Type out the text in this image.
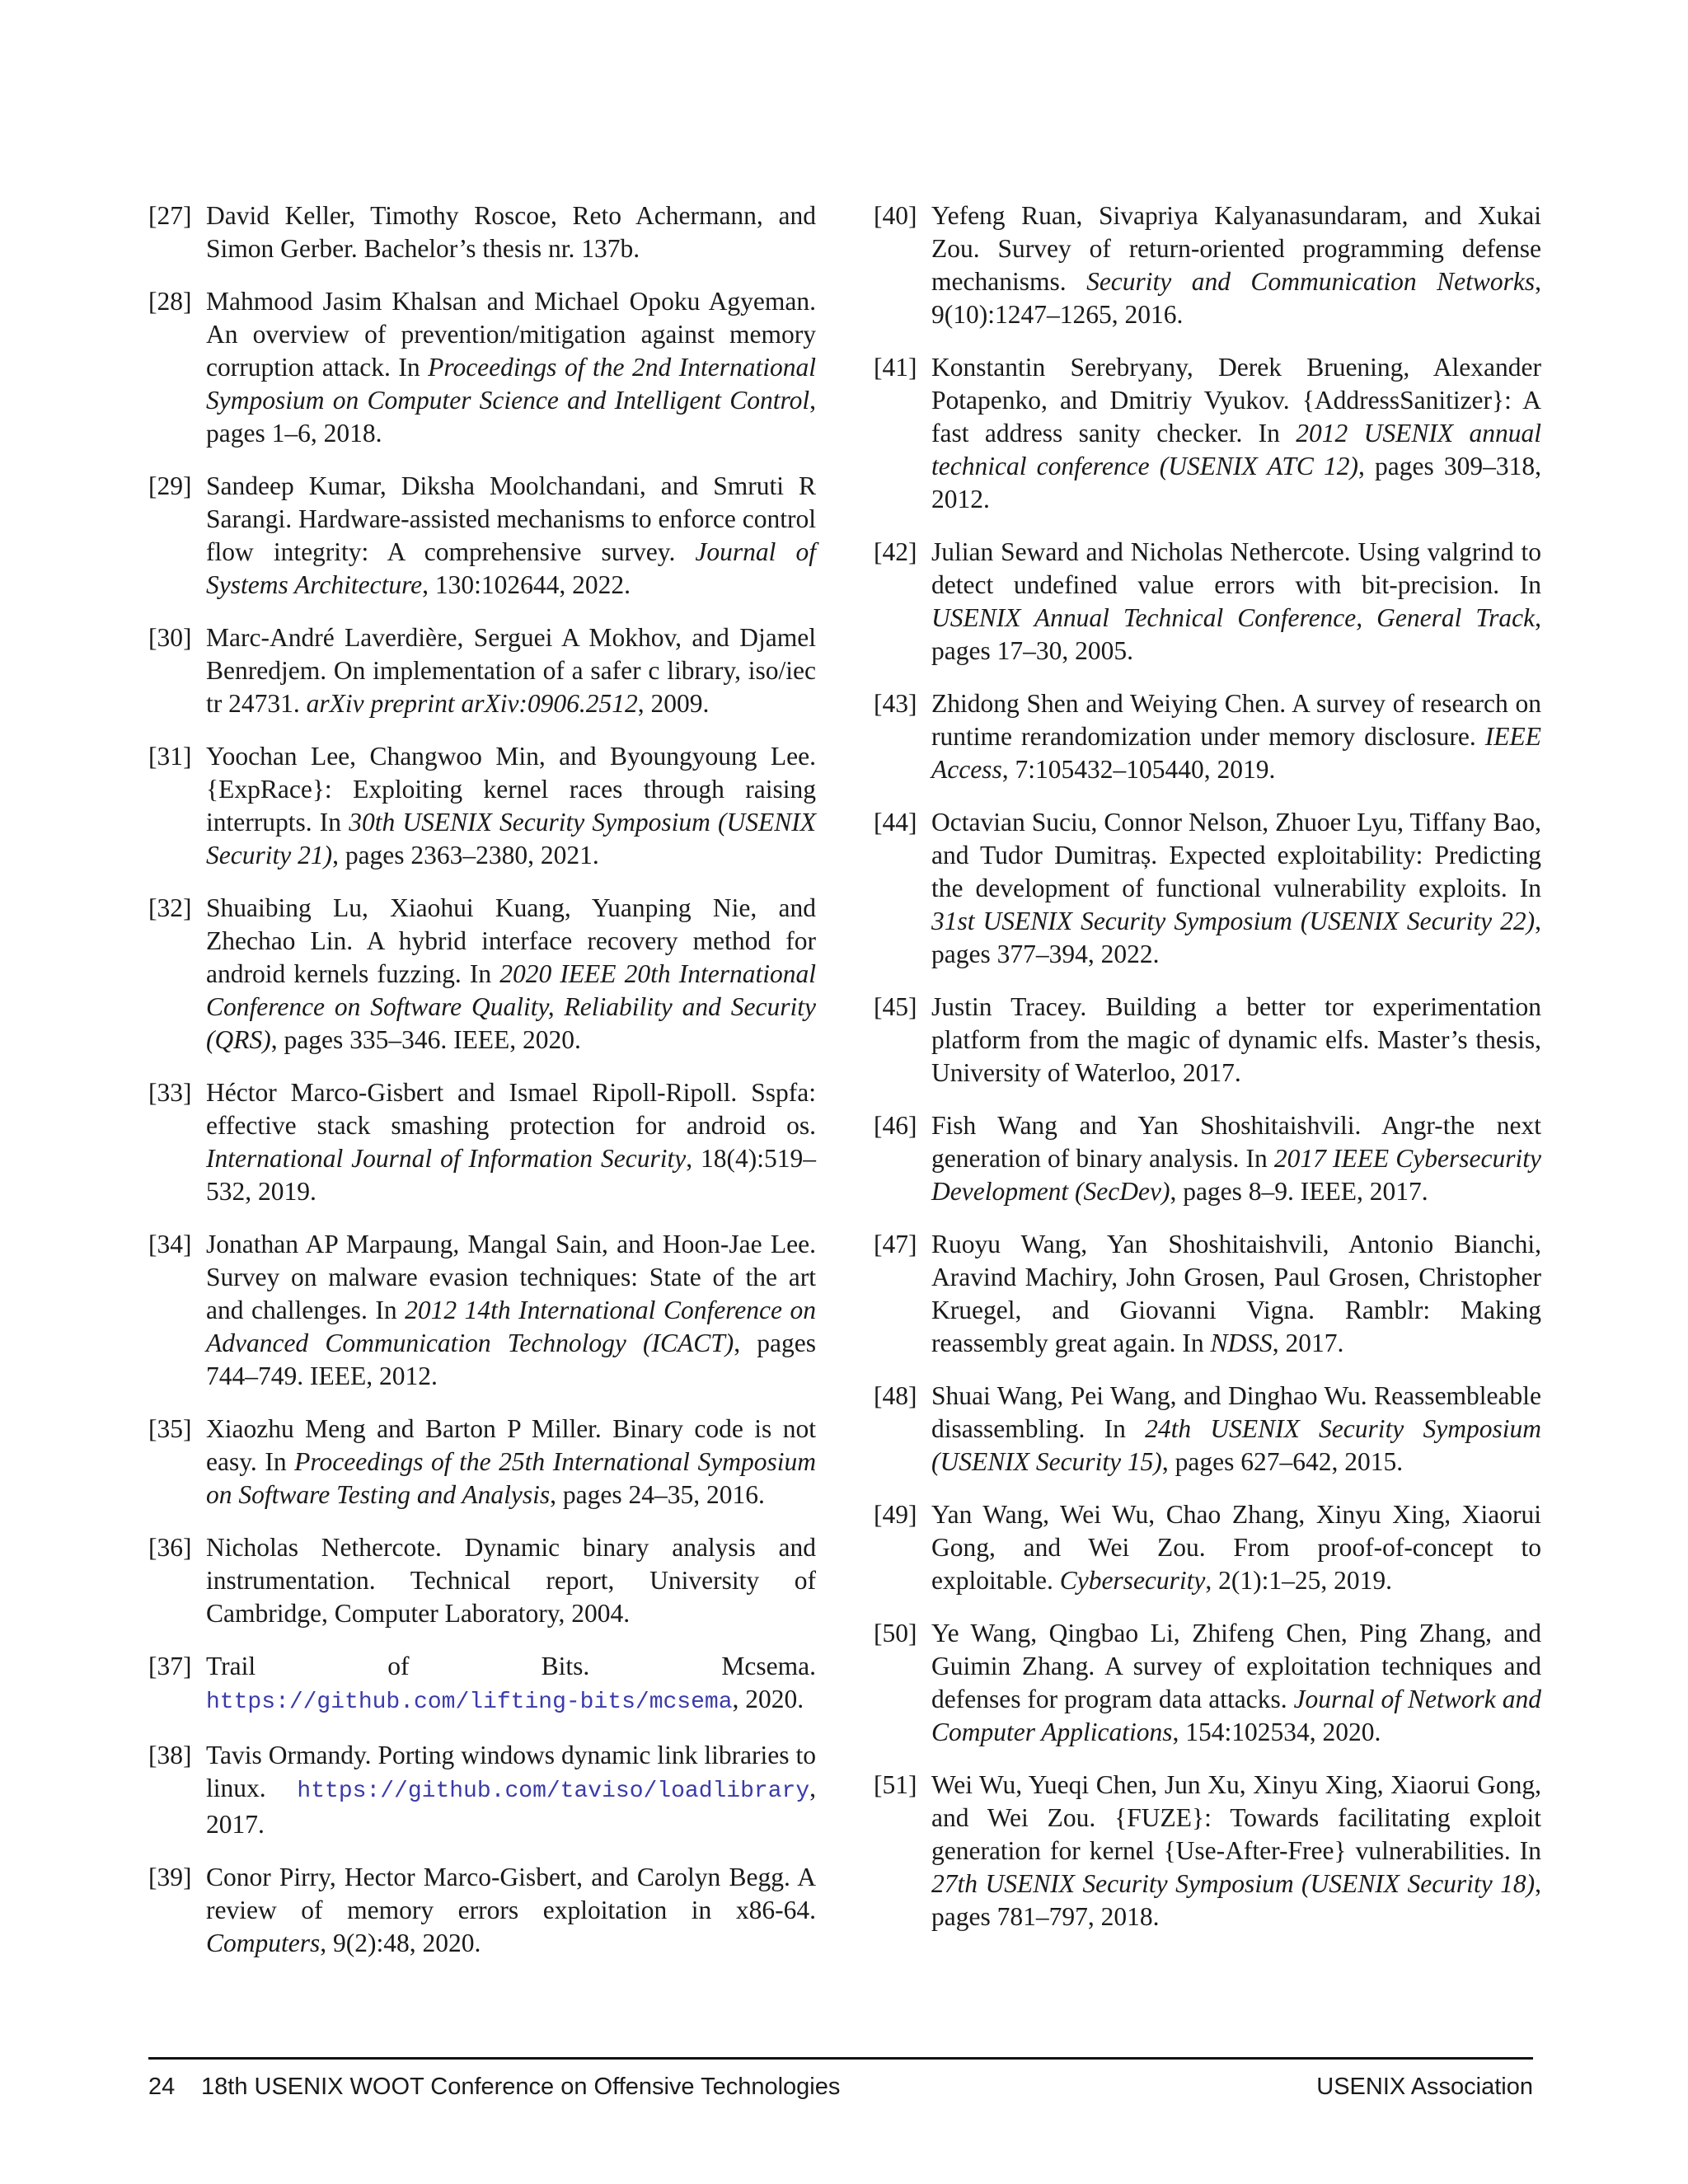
[27] David Keller, Timothy Roscoe, Reto Achermann, and Simon Gerber. Bachelor’s thesis nr. 137b.
[28] Mahmood Jasim Khalsan and Michael Opoku Agyeman. An overview of prevention/mitigation against memory corruption attack. In Proceedings of the 2nd International Symposium on Computer Science and Intelligent Control, pages 1–6, 2018.
[29] Sandeep Kumar, Diksha Moolchandani, and Smruti R Sarangi. Hardware-assisted mechanisms to enforce control flow integrity: A comprehensive survey. Journal of Systems Architecture, 130:102644, 2022.
[30] Marc-André Laverdière, Serguei A Mokhov, and Djamel Benredjem. On implementation of a safer c library, iso/iec tr 24731. arXiv preprint arXiv:0906.2512, 2009.
[31] Yoochan Lee, Changwoo Min, and Byoungyoung Lee. {ExpRace}: Exploiting kernel races through raising interrupts. In 30th USENIX Security Symposium (USENIX Security 21), pages 2363–2380, 2021.
[32] Shuaibing Lu, Xiaohui Kuang, Yuanping Nie, and Zhechao Lin. A hybrid interface recovery method for android kernels fuzzing. In 2020 IEEE 20th International Conference on Software Quality, Reliability and Security (QRS), pages 335–346. IEEE, 2020.
[33] Héctor Marco-Gisbert and Ismael Ripoll-Ripoll. Sspfa: effective stack smashing protection for android os. International Journal of Information Security, 18(4):519–532, 2019.
[34] Jonathan AP Marpaung, Mangal Sain, and Hoon-Jae Lee. Survey on malware evasion techniques: State of the art and challenges. In 2012 14th International Conference on Advanced Communication Technology (ICACT), pages 744–749. IEEE, 2012.
[35] Xiaozhu Meng and Barton P Miller. Binary code is not easy. In Proceedings of the 25th International Symposium on Software Testing and Analysis, pages 24–35, 2016.
[36] Nicholas Nethercote. Dynamic binary analysis and instrumentation. Technical report, University of Cambridge, Computer Laboratory, 2004.
[37] Trail of Bits. Mcsema. https://github.com/lifting-bits/mcsema, 2020.
[38] Tavis Ormandy. Porting windows dynamic link libraries to linux. https://github.com/taviso/loadlibrary, 2017.
[39] Conor Pirry, Hector Marco-Gisbert, and Carolyn Begg. A review of memory errors exploitation in x86-64. Computers, 9(2):48, 2020.
[40] Yefeng Ruan, Sivapriya Kalyanasundaram, and Xukai Zou. Survey of return-oriented programming defense mechanisms. Security and Communication Networks, 9(10):1247–1265, 2016.
[41] Konstantin Serebryany, Derek Bruening, Alexander Potapenko, and Dmitriy Vyukov. {AddressSanitizer}: A fast address sanity checker. In 2012 USENIX annual technical conference (USENIX ATC 12), pages 309–318, 2012.
[42] Julian Seward and Nicholas Nethercote. Using valgrind to detect undefined value errors with bit-precision. In USENIX Annual Technical Conference, General Track, pages 17–30, 2005.
[43] Zhidong Shen and Weiying Chen. A survey of research on runtime rerandomization under memory disclosure. IEEE Access, 7:105432–105440, 2019.
[44] Octavian Suciu, Connor Nelson, Zhuoer Lyu, Tiffany Bao, and Tudor Dumitraș. Expected exploitability: Predicting the development of functional vulnerability exploits. In 31st USENIX Security Symposium (USENIX Security 22), pages 377–394, 2022.
[45] Justin Tracey. Building a better tor experimentation platform from the magic of dynamic elfs. Master’s thesis, University of Waterloo, 2017.
[46] Fish Wang and Yan Shoshitaishvili. Angr-the next generation of binary analysis. In 2017 IEEE Cybersecurity Development (SecDev), pages 8–9. IEEE, 2017.
[47] Ruoyu Wang, Yan Shoshitaishvili, Antonio Bianchi, Aravind Machiry, John Grosen, Paul Grosen, Christopher Kruegel, and Giovanni Vigna. Ramblr: Making reassembly great again. In NDSS, 2017.
[48] Shuai Wang, Pei Wang, and Dinghao Wu. Reassembleable disassembling. In 24th USENIX Security Symposium (USENIX Security 15), pages 627–642, 2015.
[49] Yan Wang, Wei Wu, Chao Zhang, Xinyu Xing, Xiaorui Gong, and Wei Zou. From proof-of-concept to exploitable. Cybersecurity, 2(1):1–25, 2019.
[50] Ye Wang, Qingbao Li, Zhifeng Chen, Ping Zhang, and Guimin Zhang. A survey of exploitation techniques and defenses for program data attacks. Journal of Network and Computer Applications, 154:102534, 2020.
[51] Wei Wu, Yueqi Chen, Jun Xu, Xinyu Xing, Xiaorui Gong, and Wei Zou. {FUZE}: Towards facilitating exploit generation for kernel {Use-After-Free} vulnerabilities. In 27th USENIX Security Symposium (USENIX Security 18), pages 781–797, 2018.
24 18th USENIX WOOT Conference on Offensive Technologies	USENIX Association
